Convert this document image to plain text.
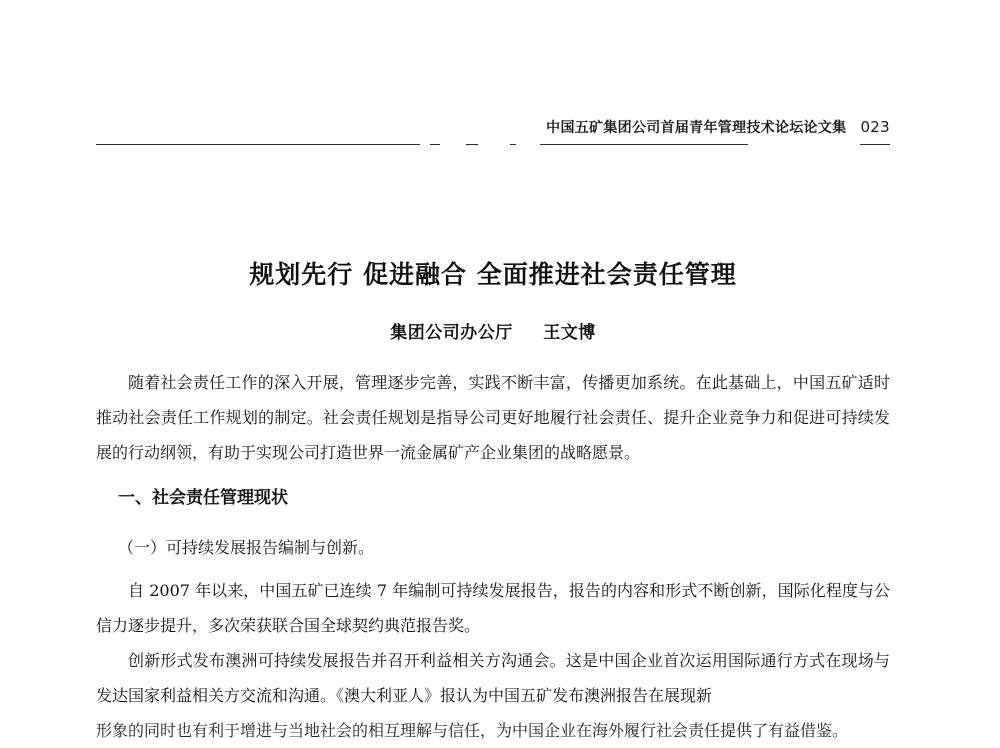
中国五矿集团公司首届青年管理技术论坛论文集 023
规划先行 促进融合 全面推进社会责任管理
集团公司办公厅 王文博
随着社会责任工作的深入开展，管理逐步完善，实践不断丰富，传播更加系统。在此基础上，中国五矿适时推动社会责任工作规划的制定。社会责任规划是指导公司更好地履行社会责任、提升企业竞争力和促进可持续发展的行动纲领，有助于实现公司打造世界一流金属矿产企业集团的战略愿景。
一、社会责任管理现状
（一）可持续发展报告编制与创新。
自 2007 年以来，中国五矿已连续 7 年编制可持续发展报告，报告的内容和形式不断创新，国际化程度与公信力逐步提升，多次荣获联合国全球契约典范报告奖。
创新形式发布澳洲可持续发展报告并召开利益相关方沟通会。这是中国企业首次运用国际通行方式在现场与发达国家利益相关方交流和沟通。《澳大利亚人》报认为中国五矿发布澳洲报告在展现新
形象的同时也有利于增进与当地社会的相互理解与信任，为中国企业在海外履行社会责任提供了有益借鉴。
